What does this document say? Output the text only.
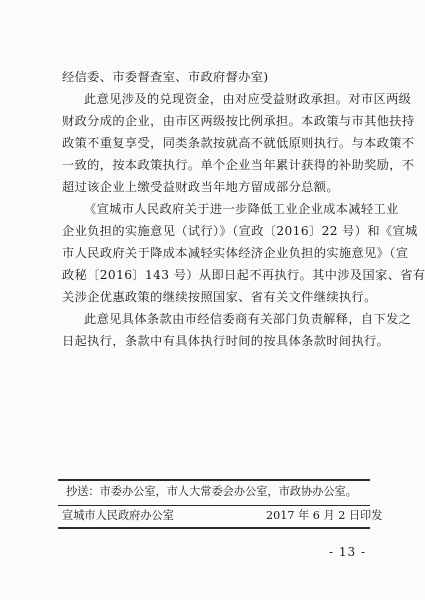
经信委、市委督查室、市政府督办室)
此意见涉及的兑现资金，由对应受益财政承担。对市区两级
财政分成的企业，由市区两级按比例承担。本政策与市其他扶持
政策不重复享受，同类条款按就高不就低原则执行。与本政策不
一致的，按本政策执行。单个企业当年累计获得的补助奖励，不
超过该企业上缴受益财政当年地方留成部分总额。
《宣城市人民政府关于进一步降低工业企业成本减轻工业
企业负担的实施意见（试行）》（宣政〔2016〕22 号）和《宣城
市人民政府关于降成本减轻实体经济企业负担的实施意见》（宣
政秘〔2016〕143 号）从即日起不再执行。其中涉及国家、省有
关涉企优惠政策的继续按照国家、省有关文件继续执行。
此意见具体条款由市经信委商有关部门负责解释，自下发之
日起执行，条款中有具体执行时间的按具体条款时间执行。
抄送：市委办公室，市人大常委会办公室，市政协办公室。
宣城市人民政府办公室	2017 年 6 月 2 日印发
- 13 -
